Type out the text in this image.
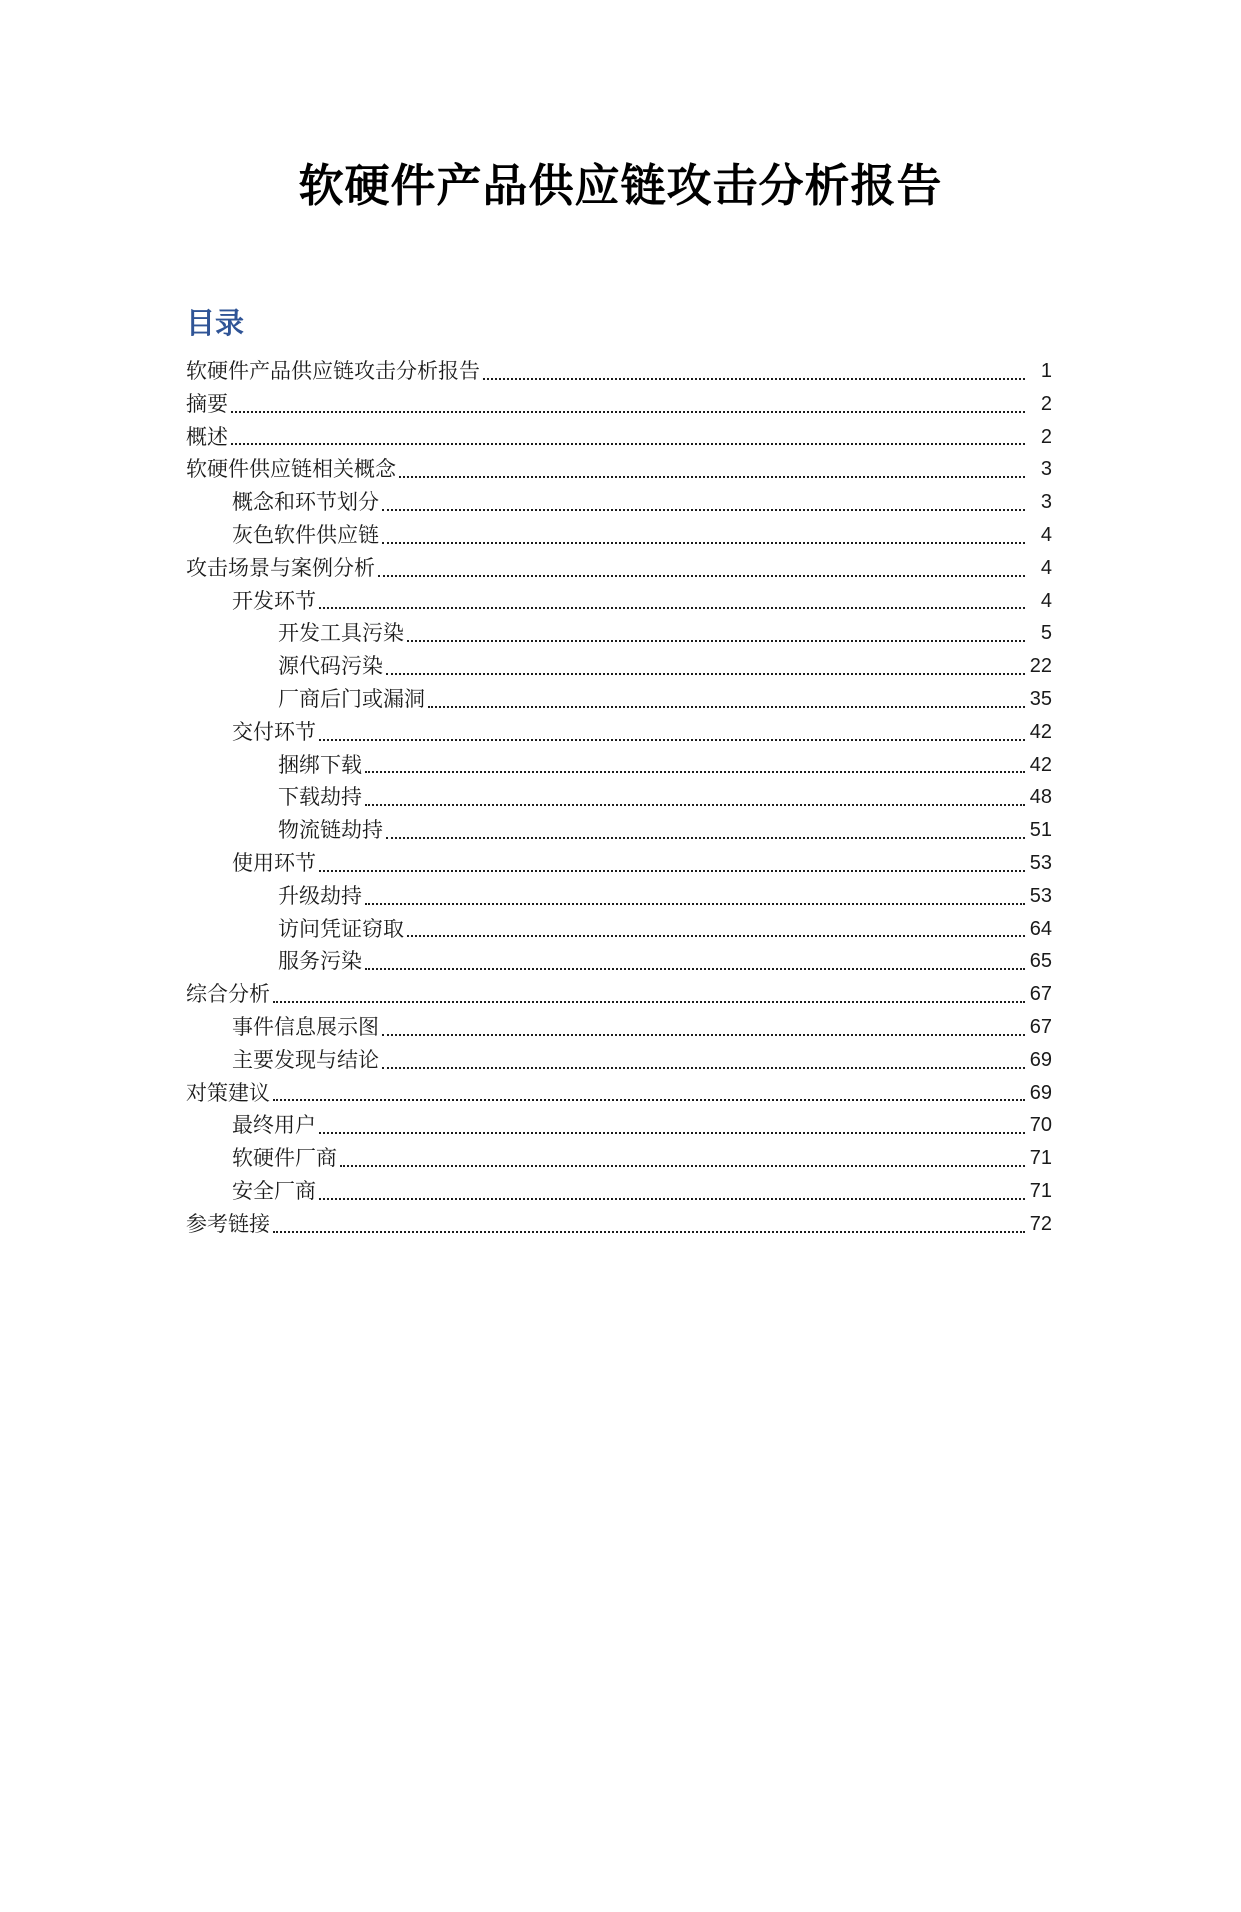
软硬件产品供应链攻击分析报告
目录
软硬件产品供应链攻击分析报告	1
摘要	2
概述	2
软硬件供应链相关概念	3
概念和环节划分	3
灰色软件供应链	4
攻击场景与案例分析	4
开发环节	4
开发工具污染	5
源代码污染	22
厂商后门或漏洞	35
交付环节	42
捆绑下载	42
下载劫持	48
物流链劫持	51
使用环节	53
升级劫持	53
访问凭证窃取	64
服务污染	65
综合分析	67
事件信息展示图	67
主要发现与结论	69
对策建议	69
最终用户	70
软硬件厂商	71
安全厂商	71
参考链接	72
